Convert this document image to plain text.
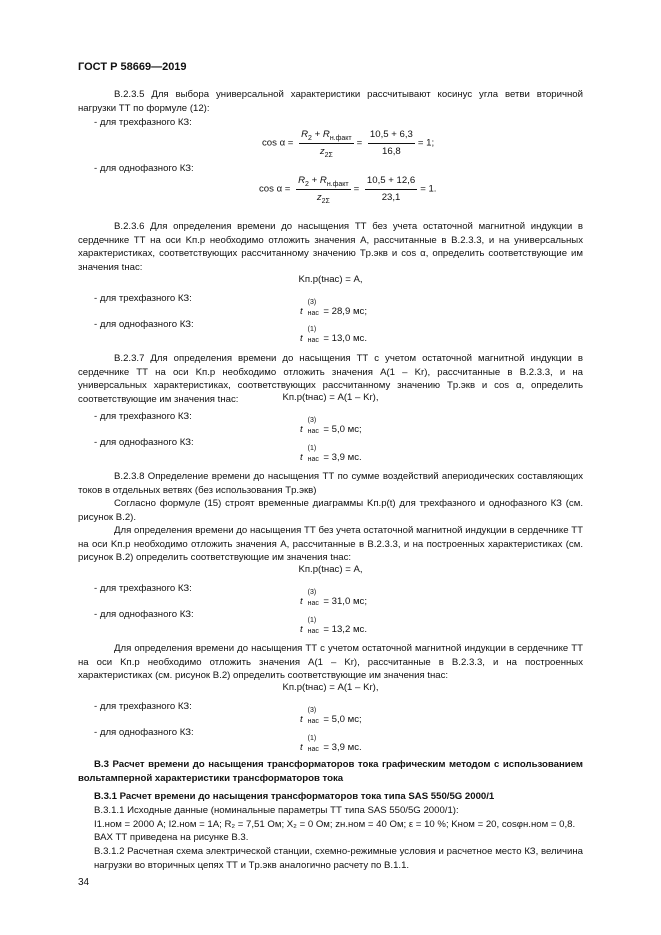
ГОСТ Р 58669—2019
В.2.3.5 Для выбора универсальной характеристики рассчитывают косинус угла ветви вторичной нагрузки ТТ по формуле (12):
- для трехфазного КЗ:
$\cos \alpha = \frac{R_2 + R_{н.факт}}{z_{2\Sigma}} = \frac{10,5 + 6,3}{16,8} = 1$;
- для однофазного КЗ:
$\cos \alpha = \frac{R_2 + R_{н.факт}}{z_{2\Sigma}} = \frac{10,5 + 12,6}{23,1} = 1$.
В.2.3.6 Для определения времени до насыщения ТТ без учета остаточной магнитной индукции в сердечнике ТТ на оси Kп.р необходимо отложить значения А, рассчитанные в В.2.3.3, и на универсальных характеристиках, соответствующих рассчитанному значению Tр.экв и cos α, определить соответствующие им значения tнас:
Kп.р(tнас) = А,
- для трехфазного КЗ:
t
(3)
нас = 28,9 мс;
- для однофазного КЗ:
t
(1)
нас = 13,0 мс.
В.2.3.7 Для определения времени до насыщения ТТ с учетом остаточной магнитной индукции в сердечнике ТТ на оси Kп.р необходимо отложить значения А(1 – Kr), рассчитанные в В.2.3.3, и на универсальных характеристиках, соответствующих рассчитанному значению Tр.экв и cos α, определить соответствующие им значения tнас:	Kп.р(tнас) = А(1 – Kr),
- для трехфазного КЗ:
t
(3)
нас = 5,0 мс;
- для однофазного КЗ:
t
(1)
нас = 3,9 мс.
В.2.3.8 Определение времени до насыщения ТТ по сумме воздействий апериодических составляющих токов в отдельных ветвях (без использования Tр.экв)
Согласно формуле (15) строят временные диаграммы Kп.р(t) для трехфазного и однофазного КЗ (см. рисунок В.2).
Для определения времени до насыщения ТТ без учета остаточной магнитной индукции в сердечнике ТТ на оси Kп.р необходимо отложить значения А, рассчитанные в В.2.3.3, и на построенных характеристиках (см. рисунок В.2) определить соответствующие им значения tнас:
Kп.р(tнас) = А,
- для трехфазного КЗ:
t
(3)
нас = 31,0 мс;
- для однофазного КЗ:
t
(1)
нас = 13,2 мс.
Для определения времени до насыщения ТТ с учетом остаточной магнитной индукции в сердечнике ТТ на оси Kп.р необходимо отложить значения А(1 – Kr), рассчитанные в В.2.3.3, и на построенных характеристиках (см. рисунок В.2) определить соответствующие им значения tнас:
Kп.р(tнас) = А(1 – Kr),
- для трехфазного КЗ:
t
(3)
нас = 5,0 мс;
- для однофазного КЗ:
t
(1)
нас = 3,9 мс.
В.3 Расчет времени до насыщения трансформаторов тока графическим методом с использованием вольтамперной характеристики трансформаторов тока
В.3.1 Расчет времени до насыщения трансформаторов тока типа SAS 550/5G 2000/1
В.3.1.1 Исходные данные (номинальные параметры ТТ типа SAS 550/5G 2000/1):
I1.ном = 2000 А; I2.ном = 1А; R₂ = 7,51 Ом; X₂ = 0 Ом; zн.ном = 40 Ом; ε = 10 %; Kном = 20, cosφн.ном = 0,8.
ВАХ ТТ приведена на рисунке В.3.
В.3.1.2 Расчетная схема электрической станции, схемно-режимные условия и расчетное место КЗ, величина нагрузки во вторичных цепях ТТ и Tр.экв аналогично расчету по В.1.1.
34
